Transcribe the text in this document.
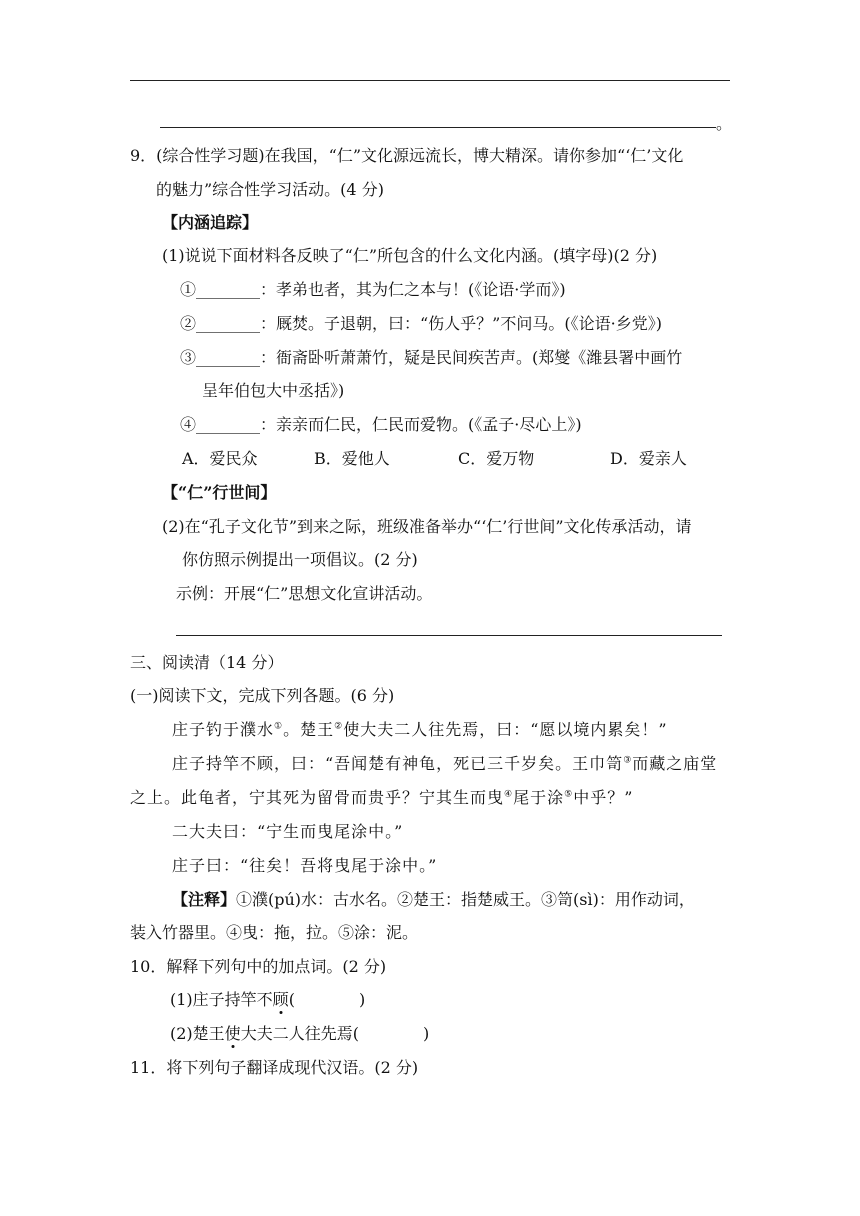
。
9．(综合性学习题)在我国，“仁”文化源远流长，博大精深。请你参加“‘仁’文化
的魅力”综合性学习活动。(4 分)
【内涵追踪】
(1)说说下面材料各反映了“仁”所包含的什么文化内涵。(填字母)(2 分)
①________：孝弟也者，其为仁之本与！(《论语·学而》)
②________：厩焚。子退朝，曰：“伤人乎？”不问马。(《论语·乡党》)
③________：衙斋卧听萧萧竹，疑是民间疾苦声。(郑燮《潍县署中画竹
呈年伯包大中丞括》)
④________：亲亲而仁民，仁民而爱物。(《孟子·尽心上》)
A．爱民众	B．爱他人	C．爱万物	D．爱亲人
【“仁”行世间】
(2)在“孔子文化节”到来之际，班级准备举办“‘仁’行世间”文化传承活动，请
你仿照示例提出一项倡议。(2 分)
示例：开展“仁”思想文化宣讲活动。
三、阅读清（14 分）
(一)阅读下文，完成下列各题。(6 分)
庄子钓于濮水①。楚王②使大夫二人往先焉，曰：“愿以境内累矣！”
庄子持竿不顾，曰：“吾闻楚有神龟，死已三千岁矣。王巾笥③而藏之庙堂
之上。此龟者，宁其死为留骨而贵乎？宁其生而曳④尾于涂⑤中乎？”
二大夫曰：“宁生而曳尾涂中。”
庄子曰：“往矣！吾将曳尾于涂中。”
【注释】①濮(pú)水：古水名。②楚王：指楚威王。③笥(sì)：用作动词，
装入竹器里。④曳：拖，拉。⑤涂：泥。
10．解释下列句中的加点词。(2 分)
(1)庄子持竿不顾(	)
(2)楚王使大夫二人往先焉(	)
11．将下列句子翻译成现代汉语。(2 分)
